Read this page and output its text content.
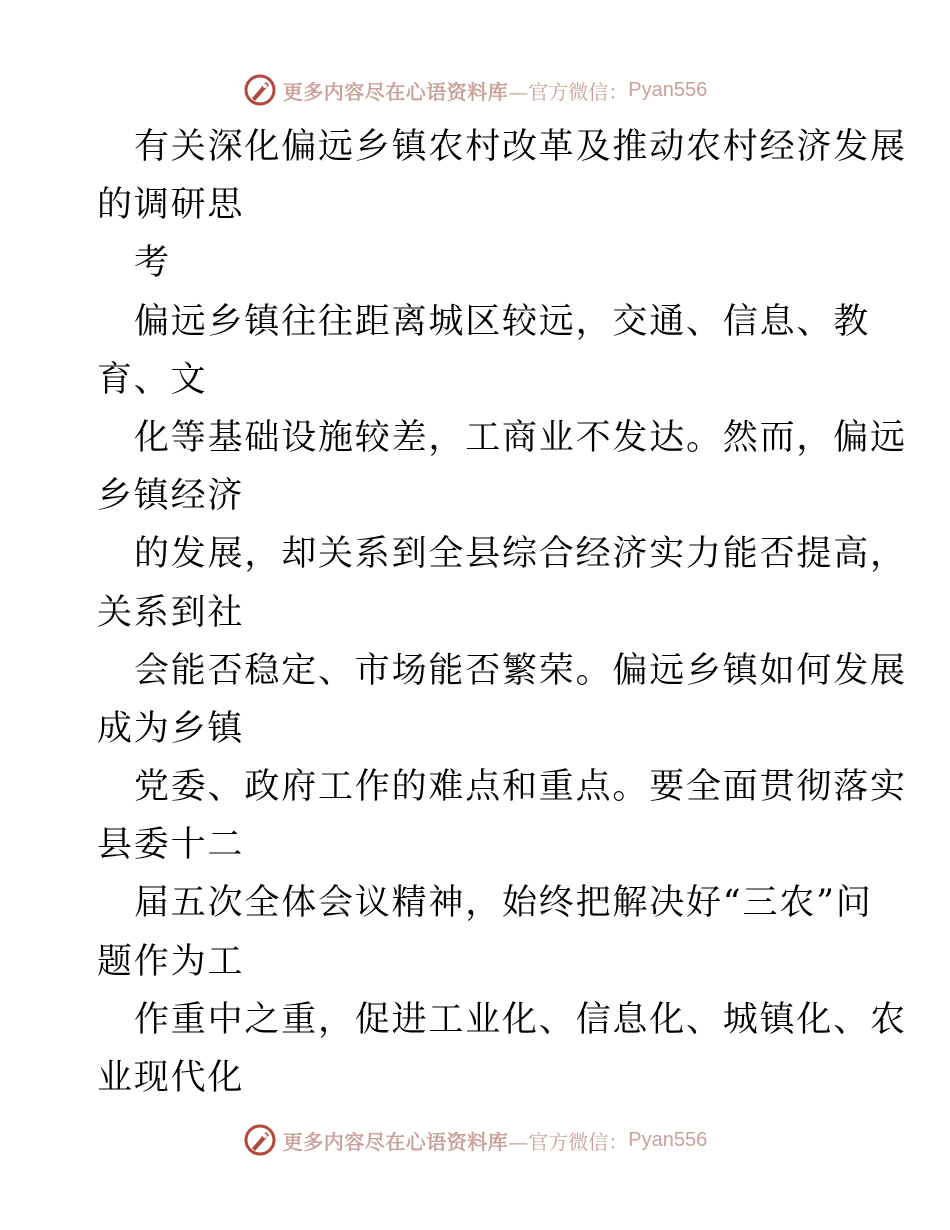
更多内容尽在心语资料库 —官方微信： Pyan556
有关深化偏远乡镇农村改革及推动农村经济发展
的调研思
考
偏远乡镇往往距离城区较远，交通、信息、教
育、文
化等基础设施较差，工商业不发达。然而，偏远
乡镇经济
的发展，却关系到全县综合经济实力能否提高，
关系到社
会能否稳定、市场能否繁荣。偏远乡镇如何发展
成为乡镇
党委、政府工作的难点和重点。要全面贯彻落实
县委十二
届五次全体会议精神，始终把解决好“三农”问
题作为工
作重中之重，促进工业化、信息化、城镇化、农
业现代化
更多内容尽在心语资料库 —官方微信： Pyan556
